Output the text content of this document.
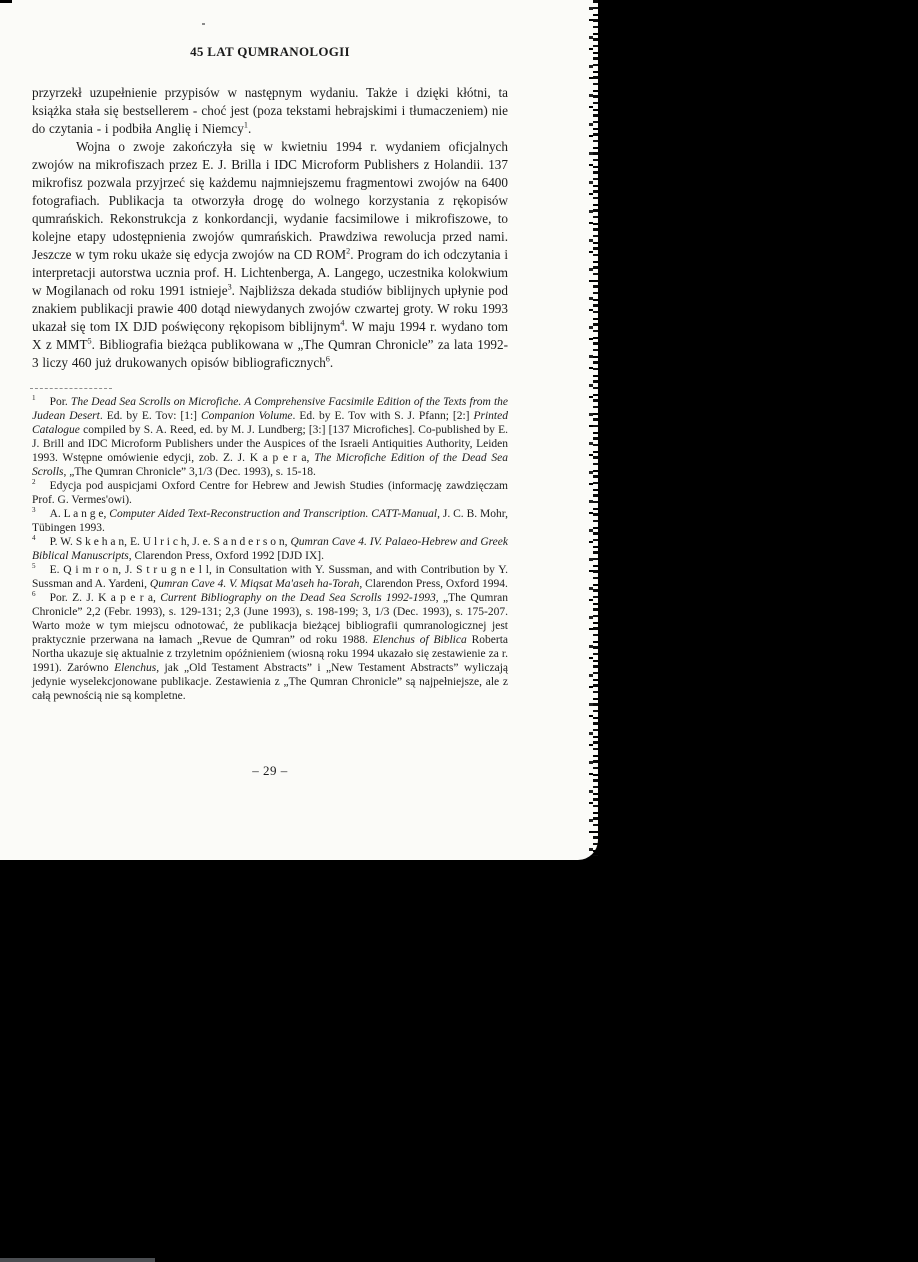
45 LAT QUMRANOLOGII

przyrzekł uzupełnienie przypisów w następnym wydaniu. Także i dzięki kłótni, ta książka stała się bestsellerem - choć jest (poza tekstami hebrajskimi i tłumaczeniem) nie do czytania - i podbiła Anglię i Niemcy$^1$.

Wojna o zwoje zakończyła się w kwietniu 1994 r. wydaniem oficjalnych zwojów na mikrofiszach przez E. J. Brilla i IDC Microform Publishers z Holandii. 137 mikrofisz pozwala przyjrzeć się każdemu najmniejszemu fragmentowi zwojów na 6400 fotografiach. Publikacja ta otworzyła drogę do wolnego korzystania z rękopisów qumrańskich. Rekonstrukcja z konkordancji, wydanie facsimilowe i mikrofiszowe, to kolejne etapy udostępnienia zwojów qumrańskich. Prawdziwa rewolucja przed nami. Jeszcze w tym roku ukaże się edycja zwojów na CD ROM$^2$. Program do ich odczytania i interpretacji autorstwa ucznia prof. H. Lichtenberga, A. Langego, uczestnika kolokwium w Mogilanach od roku 1991 istnieje$^3$. Najbliższa dekada studiów biblijnych upłynie pod znakiem publikacji prawie 400 dotąd niewydanych zwojów czwartej groty. W roku 1993 ukazał się tom IX DJD poświęcony rękopisom biblijnym$^4$. W maju 1994 r. wydano tom X z MMT$^5$. Bibliografia bieżąca publikowana w „The Qumran Chronicle” za lata 1992-3 liczy 460 już drukowanych opisów bibliograficznych$^6$.

$^1$ Por. The Dead Sea Scrolls on Microfiche. A Comprehensive Facsimile Edition of the Texts from the Judean Desert. Ed. by E. Tov: [1:] Companion Volume. Ed. by E. Tov with S. J. Pfann; [2:] Printed Catalogue compiled by S. A. Reed, ed. by M. J. Lundberg; [3:] [137 Microfiches]. Co-published by E. J. Brill and IDC Microform Publishers under the Auspices of the Israeli Antiquities Authority, Leiden 1993. Wstępne omówienie edycji, zob. Z. J. K a p e r a, The Microfiche Edition of the Dead Sea Scrolls, „The Qumran Chronicle” 3,1/3 (Dec. 1993), s. 15-18.

$^2$ Edycja pod auspicjami Oxford Centre for Hebrew and Jewish Studies (informację zawdzięczam Prof. G. Vermes'owi).

$^3$ A. L a n g e, Computer Aided Text-Reconstruction and Transcription. CATT-Manual, J. C. B. Mohr, Tübingen 1993.

$^4$ P. W. S k e h a n, E. U l r i c h, J. e. S a n d e r s o n, Qumran Cave 4. IV. Palaeo-Hebrew and Greek Biblical Manuscripts, Clarendon Press, Oxford 1992 [DJD IX].

$^5$ E. Q i m r o n, J. S t r u g n e l l, in Consultation with Y. Sussman, and with Contribution by Y. Sussman and A. Yardeni, Qumran Cave 4. V. Miqsat Ma'aseh ha-Torah, Clarendon Press, Oxford 1994.

$^6$ Por. Z. J. K a p e r a, Current Bibliography on the Dead Sea Scrolls 1992-1993, „The Qumran Chronicle” 2,2 (Febr. 1993), s. 129-131; 2,3 (June 1993), s. 198-199; 3, 1/3 (Dec. 1993), s. 175-207. Warto może w tym miejscu odnotować, że publikacja bieżącej bibliografii qumranologicznej jest praktycznie przerwana na łamach „Revue de Qumran” od roku 1988. Elenchus of Biblica Roberta Northa ukazuje się aktualnie z trzyletnim opóźnieniem (wiosną roku 1994 ukazało się zestawienie za r. 1991). Zarówno Elenchus, jak „Old Testament Abstracts” i „New Testament Abstracts” wyliczają jedynie wyselekcjonowane publikacje. Zestawienia z „The Qumran Chronicle” są najpełniejsze, ale z całą pewnością nie są kompletne.

– 29 –
